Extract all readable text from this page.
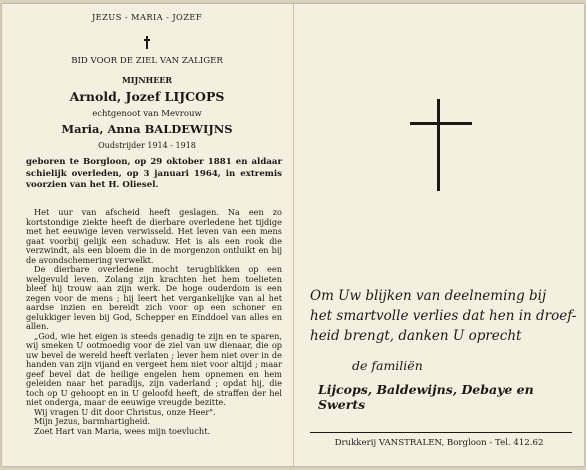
JEZUS - MARIA - JOZEF
BID VOOR DE ZIEL VAN ZALIGER
MIJNHEER
Arnold, Jozef LIJCOPS
echtgenoot van Mevrouw
Maria, Anna BALDEWIJNS
Oudstrijder 1914 - 1918
geboren te Borgloon, op 29 oktober 1881 en aldaar schielijk overleden, op 3 januari 1964, in extremis voorzien van het H. Oliesel.

Het uur van afscheid heeft geslagen. Na een zo kortstondige ziekte heeft de dierbare overledene het tijdige met het eeuwige leven verwisseld. Het leven van een mens gaat voorbij gelijk een schaduw. Het is als een rook die verzwindt, als een bloem die in de morgenzon ontluikt en bij de avondschemering verwelkt.

De dierbare overledene mocht terugblikken op een welgevuld leven. Zolang zijn krachten het hem toelieten bleef hij trouw aan zijn werk. De hoge ouderdom is een zegen voor de mens ; hij leert het vergankelijke van al het aardse inzien en bereidt zich voor op een schoner en gelukkiger leven bij God, Schepper en Einddoel van alles en allen.

„God, wie het eigen is steeds genadig te zijn en te sparen, wij smeken U ootmoedig voor de ziel van uw dienaar, die op uw bevel de wereld heeft verlaten ; lever hem niet over in de handen van zijn vijand en vergeet hem niet voor altijd ; maar geef bevel dat de heilige engelen hem opnemen en hem geleiden naar het paradijs, zijn vaderland ; opdat hij, die toch op U gehoopt en in U geloofd heeft, de straffen der hel niet ondergа, maar de eeuwige vreugde bezitte.

Wij vragen U dit door Christus, onze Heer".

Mijn Jezus, barmhartigheid.

Zoet Hart van Maria, wees mijn toevlucht.

Om Uw blijken van deelneming bij

het smartvolle verlies dat hen in droef-

heid brengt, danken U oprecht

de familiën
Lijcops, Baldewijns, Debaye en Swerts
Drukkerij VANSTRALEN, Borgloon - Tel. 412.62
